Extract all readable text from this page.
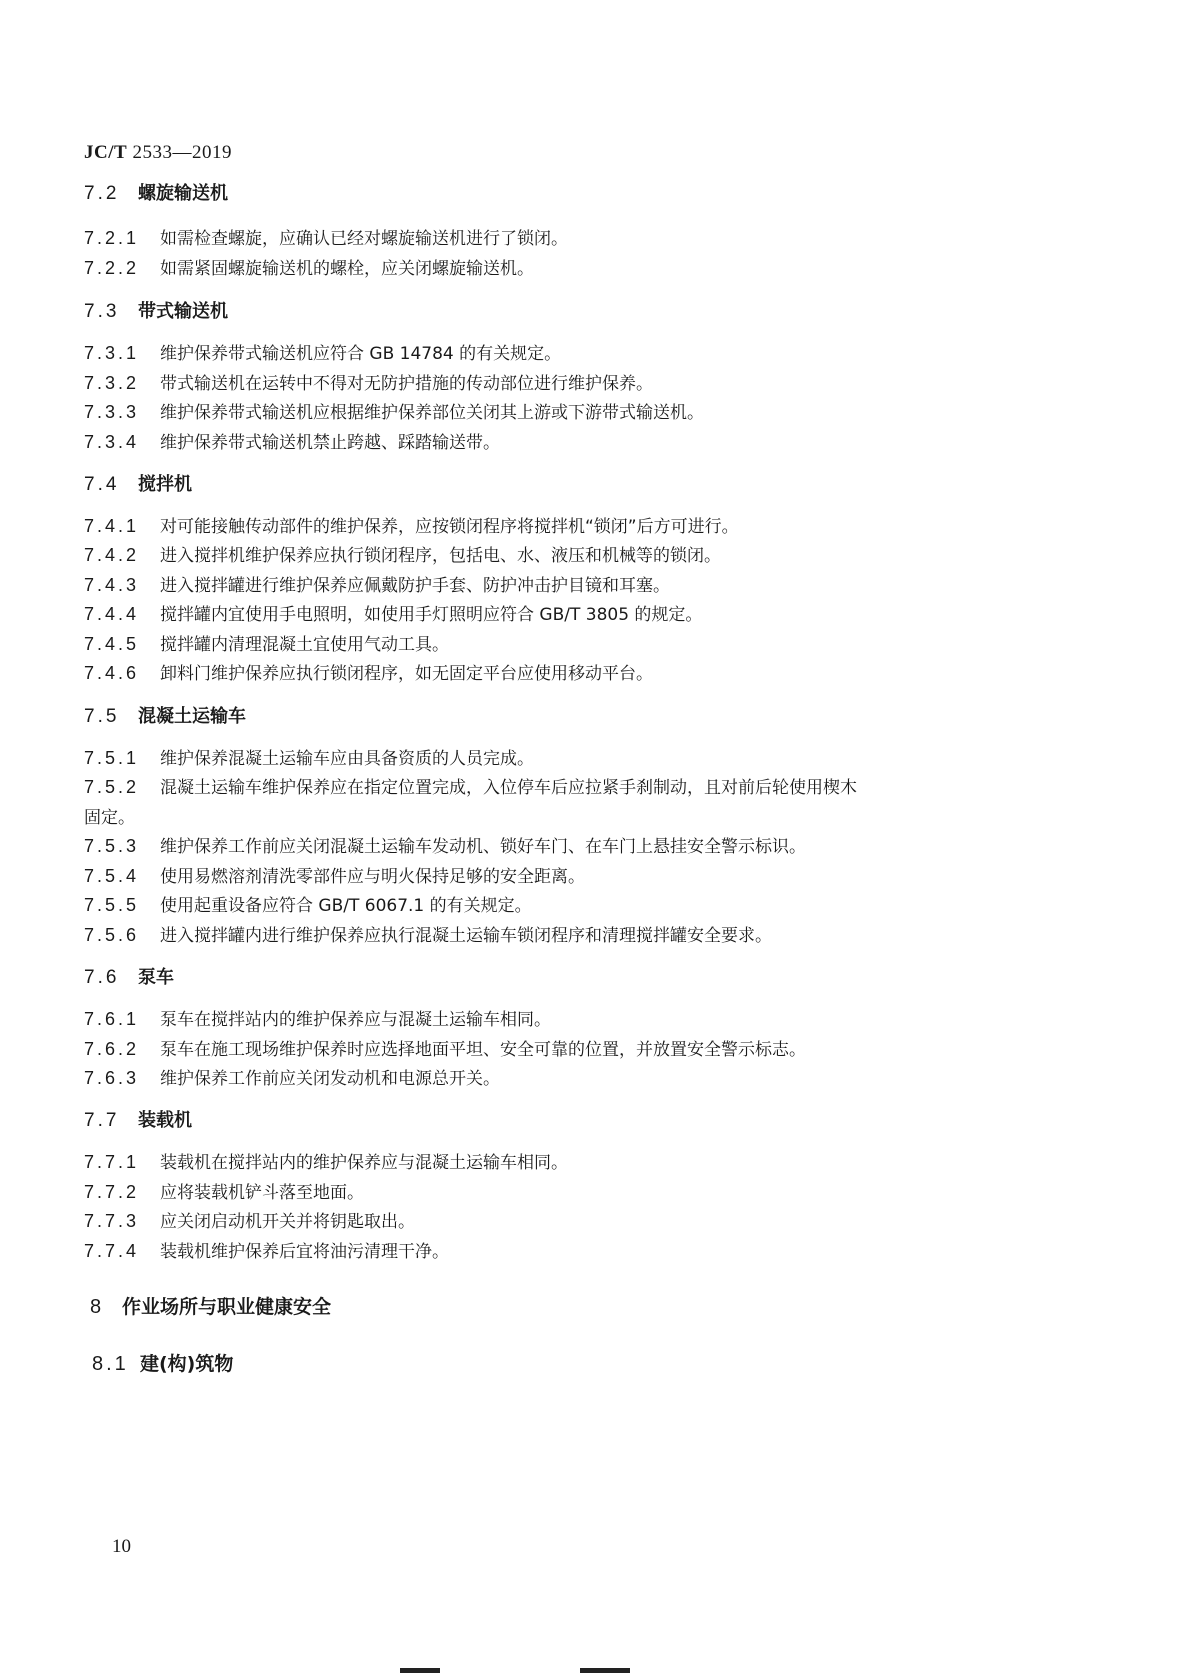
JC/T 2533—2019
7.2 螺旋输送机
7.2.1 如需检查螺旋，应确认已经对螺旋输送机进行了锁闭。
7.2.2 如需紧固螺旋输送机的螺栓，应关闭螺旋输送机。
7.3 带式输送机
7.3.1 维护保养带式输送机应符合 GB 14784 的有关规定。
7.3.2 带式输送机在运转中不得对无防护措施的传动部位进行维护保养。
7.3.3 维护保养带式输送机应根据维护保养部位关闭其上游或下游带式输送机。
7.3.4 维护保养带式输送机禁止跨越、踩踏输送带。
7.4 搅拌机
7.4.1 对可能接触传动部件的维护保养，应按锁闭程序将搅拌机“锁闭”后方可进行。
7.4.2 进入搅拌机维护保养应执行锁闭程序，包括电、水、液压和机械等的锁闭。
7.4.3 进入搅拌罐进行维护保养应佩戴防护手套、防护冲击护目镜和耳塞。
7.4.4 搅拌罐内宜使用手电照明，如使用手灯照明应符合 GB/T 3805 的规定。
7.4.5 搅拌罐内清理混凝土宜使用气动工具。
7.4.6 卸料门维护保养应执行锁闭程序，如无固定平台应使用移动平台。
7.5 混凝土运输车
7.5.1 维护保养混凝土运输车应由具备资质的人员完成。
7.5.2 混凝土运输车维护保养应在指定位置完成，入位停车后应拉紧手刹制动，且对前后轮使用楔木
固定。
7.5.3 维护保养工作前应关闭混凝土运输车发动机、锁好车门、在车门上悬挂安全警示标识。
7.5.4 使用易燃溶剂清洗零部件应与明火保持足够的安全距离。
7.5.5 使用起重设备应符合 GB/T 6067.1 的有关规定。
7.5.6 进入搅拌罐内进行维护保养应执行混凝土运输车锁闭程序和清理搅拌罐安全要求。
7.6 泵车
7.6.1 泵车在搅拌站内的维护保养应与混凝土运输车相同。
7.6.2 泵车在施工现场维护保养时应选择地面平坦、安全可靠的位置，并放置安全警示标志。
7.6.3 维护保养工作前应关闭发动机和电源总开关。
7.7 装载机
7.7.1 装载机在搅拌站内的维护保养应与混凝土运输车相同。
7.7.2 应将装载机铲斗落至地面。
7.7.3 应关闭启动机开关并将钥匙取出。
7.7.4 装载机维护保养后宜将油污清理干净。
8 作业场所与职业健康安全
8.1 建(构)筑物
10
